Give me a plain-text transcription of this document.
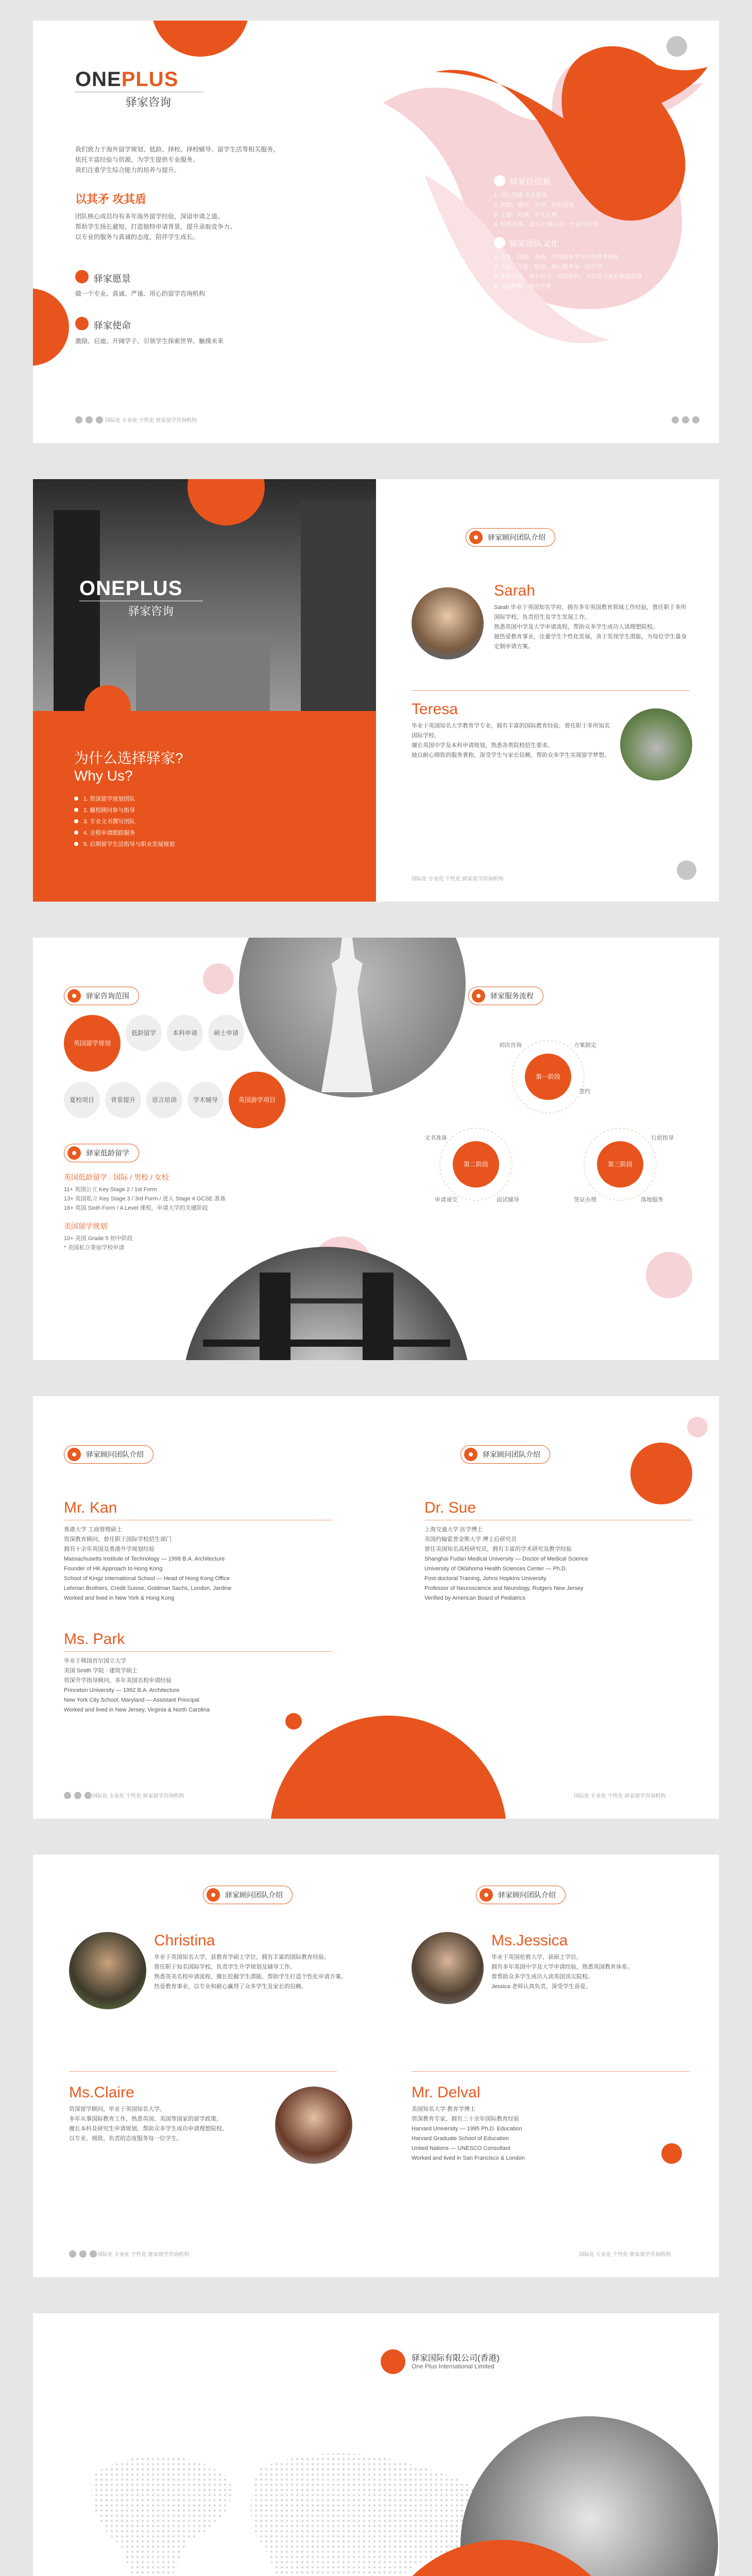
ONEPLUS
驿家咨询
我们致力于海外留学规划、低龄、择校、择校辅导、留学生活等相关服务，依托丰富经验与资源，为学生提供专业服务。
我们注重学生综合能力的培养与提升。
以其矛 攻其盾
团队核心成员均有多年海外留学经验，深谙申请之道。
帮助学生扬长避短，打造独特申请背景，提升录取竞争力。
以专业的服务与真诚的态度，陪伴学生成长。
驿家愿景
做一个专业、真诚、严谨、用心的留学咨询机构
驿家使命
激励、启迪、开阔学子、引领学生探索世界、触摸未来
驿家价值观
1. 用心沟通 专业服务
2. 团结、诚信、分享、开拓进取
3. 上进、自律、学无止境
4. 坦率真诚、走出去 融入每一个留学世界
驿家团队文化
1. 专业、团结、高效、共同进步学习力的优秀团队
2. 主动、开放、包容、用心服务每一位学员
3. 承担责任、勇于担当、团结协作，为学员与家长创造价值
4. 沟通顺畅、相互欣赏
国际化 专业化 个性化 驿家留学咨询机构
ONEPLUS
驿家咨询
为什么选择驿家?
Why Us?
1. 资深留学规划团队
2. 藤校顾问参与指导
3. 专业文书撰写团队
4. 全程申请跟踪服务
5. 后期留学生活指导与职业发展规划
驿家顾问团队介绍
Sarah
Sarah 毕业于英国知名学府，拥有多年英国教育领域工作经验，曾任职于多所国际学校，负责招生及学生发展工作。
熟悉英国中学及大学申请流程，帮助众多学生成功入读理想院校。
她热爱教育事业，注重学生个性化发展，善于发现学生潜能，为每位学生量身定制申请方案。
Teresa
毕业于英国知名大学教育学专业，拥有丰富的国际教育经验，曾任职于多所知名国际学校。
擅长英国中学及本科申请规划，熟悉各类院校招生要求。
她以耐心细致的服务著称，深受学生与家长信赖，帮助众多学生实现留学梦想。
国际化 专业化 个性化 驿家留学咨询机构
驿家咨询范围
英国留学规划
低龄留学	本科申请	硕士申请
夏校项目	背景提升	语言培训	学术辅导	英国游学项目
驿家低龄留学
英国低龄留学 · 国际 / 男校 / 女校
11+ 英国公立 Key Stage 2 / 1st Form
13+ 英国私立 Key Stage 3 / 3rd Form / 进入 Stage 4 GCSE 准备
16+ 英国 Sixth Form / A Level 课程，申请大学的关键阶段
美国留学规划
10+ 美国 Grade 5 初中阶段
* 美国私立寄宿学校申请
驿家服务流程
第一阶段
第二阶段	第三阶段
初次咨询	方案制定
签约
文书准备
申请递交	面试辅导	签证办理
行前指导
落地服务
驿家顾问团队介绍	驿家顾问团队介绍
Mr. Kan
香港大学 工商管理硕士
资深教育顾问，曾任职于国际学校招生部门
拥有十余年英国及香港升学规划经验
Massachusetts Institute of Technology — 1998 B.A. Architecture
Founder of HK Approach to Hong Kong
School of Kingz International School — Head of Hong Kong Office
Lehman Brothers, Credit Suisse, Goldman Sachs, London, Jardine
Worked and lived in New York & Hong Kong
Dr. Sue
上海交通大学 医学博士
美国约翰霍普金斯大学 博士后研究员
曾任美国知名高校研究员，拥有丰富的学术研究及教学经验
Shanghai Fudan Medical University — Doctor of Medical Science
University of Oklahoma Health Sciences Center — Ph.D.
Post-doctoral Training, Johns Hopkins University
Professor of Neuroscience and Neurology, Rutgers New Jersey
Verified by American Board of Pediatrics
Ms. Park
毕业于韩国首尔国立大学
美国 Smith 学院 · 建筑学硕士
资深升学指导顾问，多年美国名校申请经验
Princeton University — 1992 B.A. Architecture
New York City School, Maryland — Assistant Principal
Worked and lived in New Jersey, Virginia & North Carolina
国际化 专业化 个性化 驿家留学咨询机构	国际化 专业化 个性化 驿家留学咨询机构
驿家顾问团队介绍	驿家顾问团队介绍
Christina
毕业于英国知名大学，获教育学硕士学位，拥有丰富的国际教育经验。
曾任职于知名国际学校，负责学生升学规划及辅导工作。
熟悉英美名校申请流程，擅长挖掘学生潜能，帮助学生打造个性化申请方案。
热爱教育事业，以专业和耐心赢得了众多学生及家长的信赖。
Ms.Jessica
毕业于英国伦敦大学，获硕士学位。
拥有多年英国中学及大学申请经验，熟悉英国教育体系。
曾帮助众多学生成功入读英国顶尖院校。
Jessica 老师认真负责，深受学生喜爱。
Ms.Claire
资深留学顾问，毕业于英国知名大学。
多年从事国际教育工作，熟悉英国、美国等国家的留学政策。
擅长本科及研究生申请规划，帮助众多学生成功申请理想院校。
以专业、细致、负责的态度服务每一位学生。
Mr. Delval
美国知名大学 教育学博士
资深教育专家，拥有二十余年国际教育经验
Harvard University — 1995 Ph.D. Education
Harvard Graduate School of Education
United Nations — UNESCO Consultant
Worked and lived in San Francisco & London
国际化 专业化 个性化 驿家留学咨询机构	国际化 专业化 个性化 驿家留学咨询机构
驿家国际有限公司(香港)
One Plus International Limited
